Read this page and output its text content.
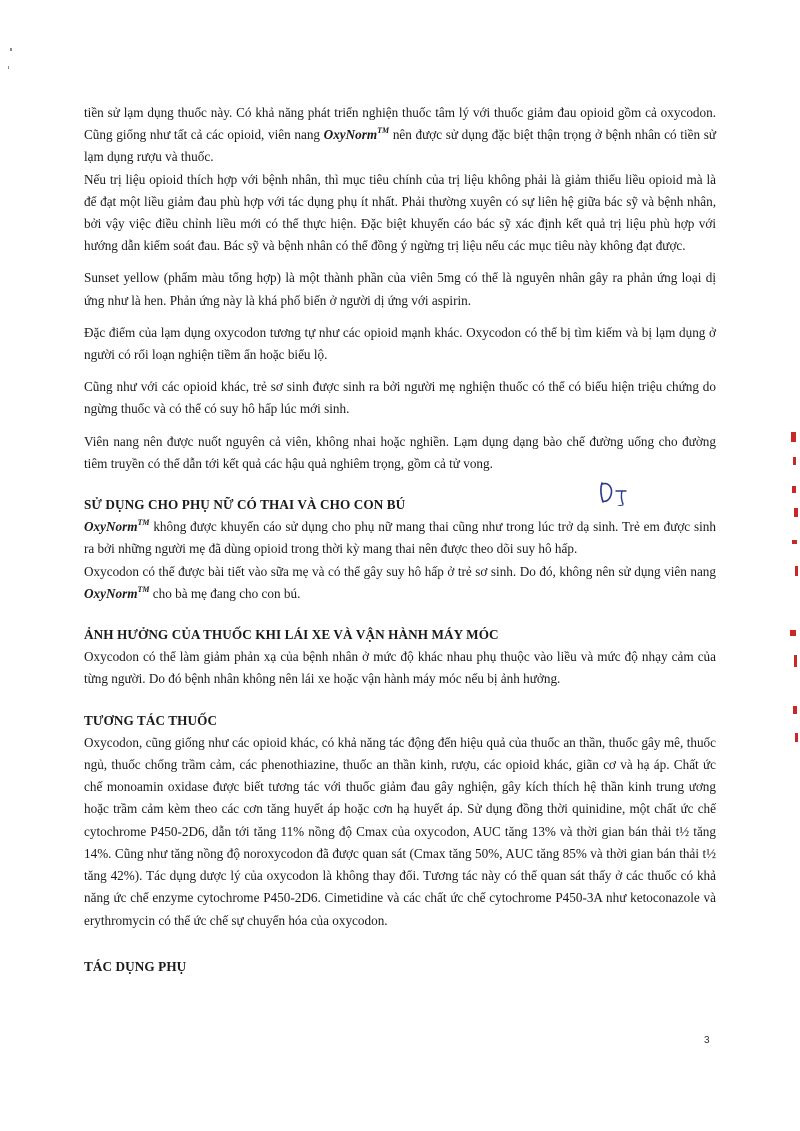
tiền sử lạm dụng thuốc này. Có khả năng phát triển nghiện thuốc tâm lý với thuốc giảm đau opioid gồm cả oxycodon. Cũng giống như tất cả các opioid, viên nang OxyNorm™ nên được sử dụng đặc biệt thận trọng ở bệnh nhân có tiền sử lạm dụng rượu và thuốc.

Nếu trị liệu opioid thích hợp với bệnh nhân, thì mục tiêu chính của trị liệu không phải là giảm thiểu liều opioid mà là để đạt một liều giảm đau phù hợp với tác dụng phụ ít nhất. Phải thường xuyên có sự liên hệ giữa bác sỹ và bệnh nhân, bởi vậy việc điều chỉnh liều mới có thể thực hiện. Đặc biệt khuyến cáo bác sỹ xác định kết quả trị liệu phù hợp với hướng dẫn kiểm soát đau. Bác sỹ và bệnh nhân có thể đồng ý ngừng trị liệu nếu các mục tiêu này không đạt được.

Sunset yellow (phẩm màu tổng hợp) là một thành phần của viên 5mg có thể là nguyên nhân gây ra phản ứng loại dị ứng như là hen. Phản ứng này là khá phổ biến ở người dị ứng với aspirin.

Đặc điểm của lạm dụng oxycodon tương tự như các opioid mạnh khác. Oxycodon có thể bị tìm kiếm và bị lạm dụng ở người có rối loạn nghiện tiềm ẩn hoặc biểu lộ.

Cũng như với các opioid khác, trẻ sơ sinh được sinh ra bởi người mẹ nghiện thuốc có thể có biểu hiện triệu chứng do ngừng thuốc và có thể có suy hô hấp lúc mới sinh.

Viên nang nên được nuốt nguyên cả viên, không nhai hoặc nghiền. Lạm dụng dạng bào chế đường uống cho đường tiêm truyền có thể dẫn tới kết quả các hậu quả nghiêm trọng, gồm cả tử vong.

SỬ DỤNG CHO PHỤ NỮ CÓ THAI VÀ CHO CON BÚ

OxyNorm™ không được khuyến cáo sử dụng cho phụ nữ mang thai cũng như trong lúc trở dạ sinh. Trẻ em được sinh ra bởi những người mẹ đã dùng opioid trong thời kỳ mang thai nên được theo dõi suy hô hấp.

Oxycodon có thể được bài tiết vào sữa mẹ và có thể gây suy hô hấp ở trẻ sơ sinh. Do đó, không nên sử dụng viên nang OxyNorm™ cho bà mẹ đang cho con bú.

ẢNH HƯỞNG CỦA THUỐC KHI LÁI XE VÀ VẬN HÀNH MÁY MÓC

Oxycodon có thể làm giảm phản xạ của bệnh nhân ở mức độ khác nhau phụ thuộc vào liều và mức độ nhạy cảm của từng người. Do đó bệnh nhân không nên lái xe hoặc vận hành máy móc nếu bị ảnh hưởng.

TƯƠNG TÁC THUỐC

Oxycodon, cũng giống như các opioid khác, có khả năng tác động đến hiệu quả của thuốc an thần, thuốc gây mê, thuốc ngủ, thuốc chống trầm cảm, các phenothiazine, thuốc an thần kinh, rượu, các opioid khác, giãn cơ và hạ áp. Chất ức chế monoamin oxidase được biết tương tác với thuốc giảm đau gây nghiện, gây kích thích hệ thần kinh trung ương hoặc trầm cảm kèm theo các cơn tăng huyết áp hoặc cơn hạ huyết áp. Sử dụng đồng thời quinidine, một chất ức chế cytochrome P450-2D6, dẫn tới tăng 11% nồng độ Cmax của oxycodon, AUC tăng 13% và thời gian bán thải t½ tăng 14%. Cũng như tăng nồng độ noroxycodon đã được quan sát (Cmax tăng 50%, AUC tăng 85% và thời gian bán thải t½ tăng 42%). Tác dụng dược lý của oxycodon là không thay đổi. Tương tác này có thể quan sát thấy ở các thuốc có khả năng ức chế enzyme cytochrome P450-2D6. Cimetidine và các chất ức chế cytochrome P450-3A như ketoconazole và erythromycin có thể ức chế sự chuyển hóa của oxycodon.

TÁC DỤNG PHỤ
3
